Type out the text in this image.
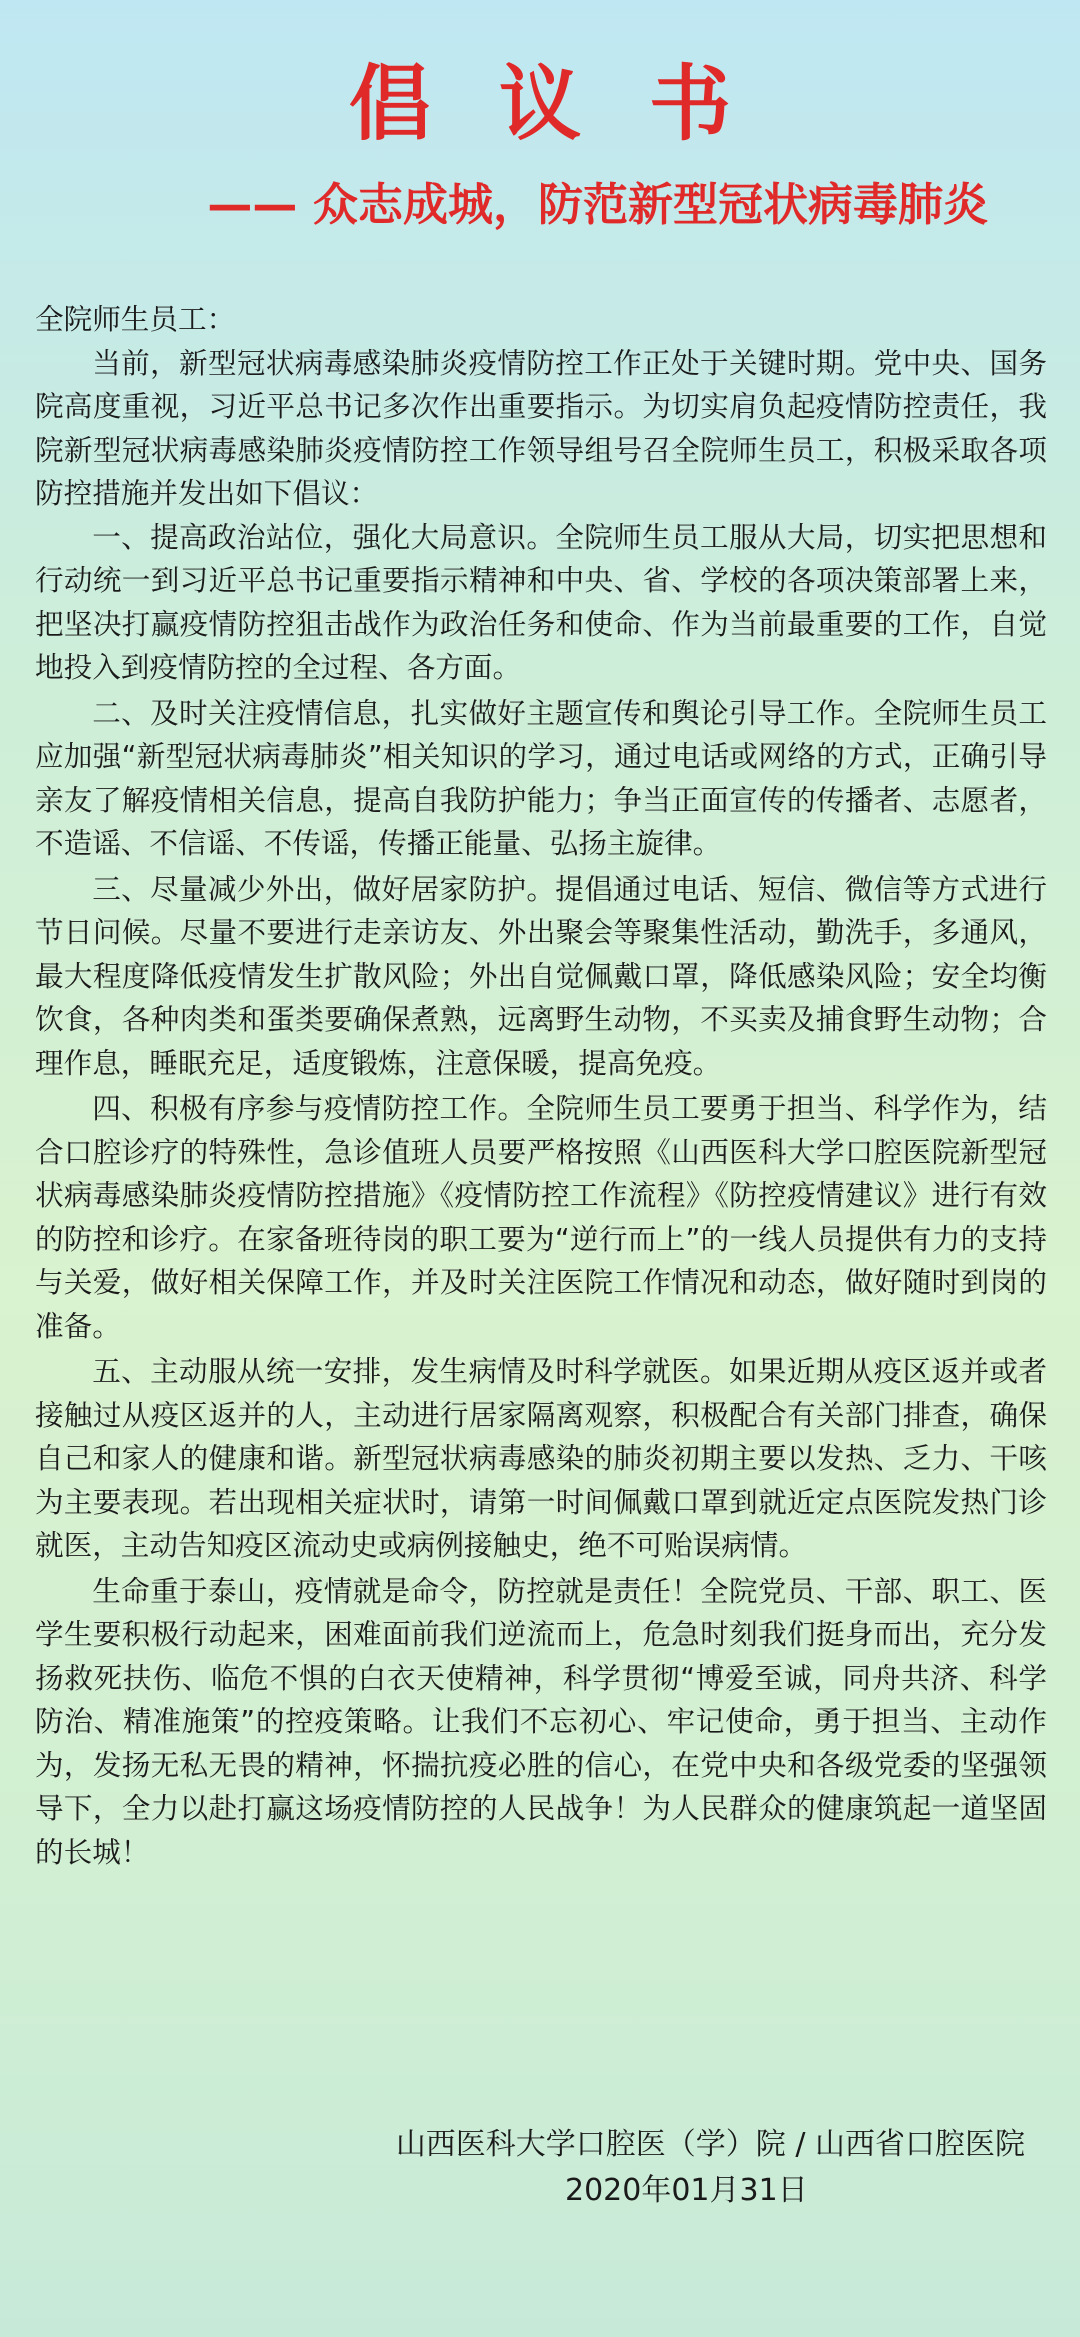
倡议书
—— 众志成城，防范新型冠状病毒肺炎

全院师生员工：

当前，新型冠状病毒感染肺炎疫情防控工作正处于关键时期。党中央、国务院高度重视，习近平总书记多次作出重要指示。为切实肩负起疫情防控责任，我院新型冠状病毒感染肺炎疫情防控工作领导组号召全院师生员工，积极采取各项防控措施并发出如下倡议：

一、提高政治站位，强化大局意识。全院师生员工服从大局，切实把思想和行动统一到习近平总书记重要指示精神和中央、省、学校的各项决策部署上来，把坚决打赢疫情防控狙击战作为政治任务和使命、作为当前最重要的工作，自觉地投入到疫情防控的全过程、各方面。

二、及时关注疫情信息，扎实做好主题宣传和舆论引导工作。全院师生员工应加强“新型冠状病毒肺炎”相关知识的学习，通过电话或网络的方式，正确引导亲友了解疫情相关信息，提高自我防护能力；争当正面宣传的传播者、志愿者，不造谣、不信谣、不传谣，传播正能量、弘扬主旋律。

三、尽量减少外出，做好居家防护。提倡通过电话、短信、微信等方式进行节日问候。尽量不要进行走亲访友、外出聚会等聚集性活动，勤洗手，多通风，最大程度降低疫情发生扩散风险；外出自觉佩戴口罩，降低感染风险；安全均衡饮食，各种肉类和蛋类要确保煮熟，远离野生动物，不买卖及捕食野生动物；合理作息，睡眠充足，适度锻炼，注意保暖，提高免疫。

四、积极有序参与疫情防控工作。全院师生员工要勇于担当、科学作为，结合口腔诊疗的特殊性，急诊值班人员要严格按照《山西医科大学口腔医院新型冠状病毒感染肺炎疫情防控措施》《疫情防控工作流程》《防控疫情建议》进行有效的防控和诊疗。在家备班待岗的职工要为“逆行而上”的一线人员提供有力的支持与关爱，做好相关保障工作，并及时关注医院工作情况和动态，做好随时到岗的准备。

五、主动服从统一安排，发生病情及时科学就医。如果近期从疫区返并或者接触过从疫区返并的人，主动进行居家隔离观察，积极配合有关部门排查，确保自己和家人的健康和谐。新型冠状病毒感染的肺炎初期主要以发热、乏力、干咳为主要表现。若出现相关症状时，请第一时间佩戴口罩到就近定点医院发热门诊就医，主动告知疫区流动史或病例接触史，绝不可贻误病情。

生命重于泰山，疫情就是命令，防控就是责任！全院党员、干部、职工、医学生要积极行动起来，困难面前我们逆流而上，危急时刻我们挺身而出，充分发扬救死扶伤、临危不惧的白衣天使精神，科学贯彻“博爱至诚，同舟共济、科学防治、精准施策”的控疫策略。让我们不忘初心、牢记使命，勇于担当、主动作为，发扬无私无畏的精神，怀揣抗疫必胜的信心，在党中央和各级党委的坚强领导下，全力以赴打赢这场疫情防控的人民战争！为人民群众的健康筑起一道坚固的长城！

山西医科大学口腔医（学）院 / 山西省口腔医院
2020年01月31日
